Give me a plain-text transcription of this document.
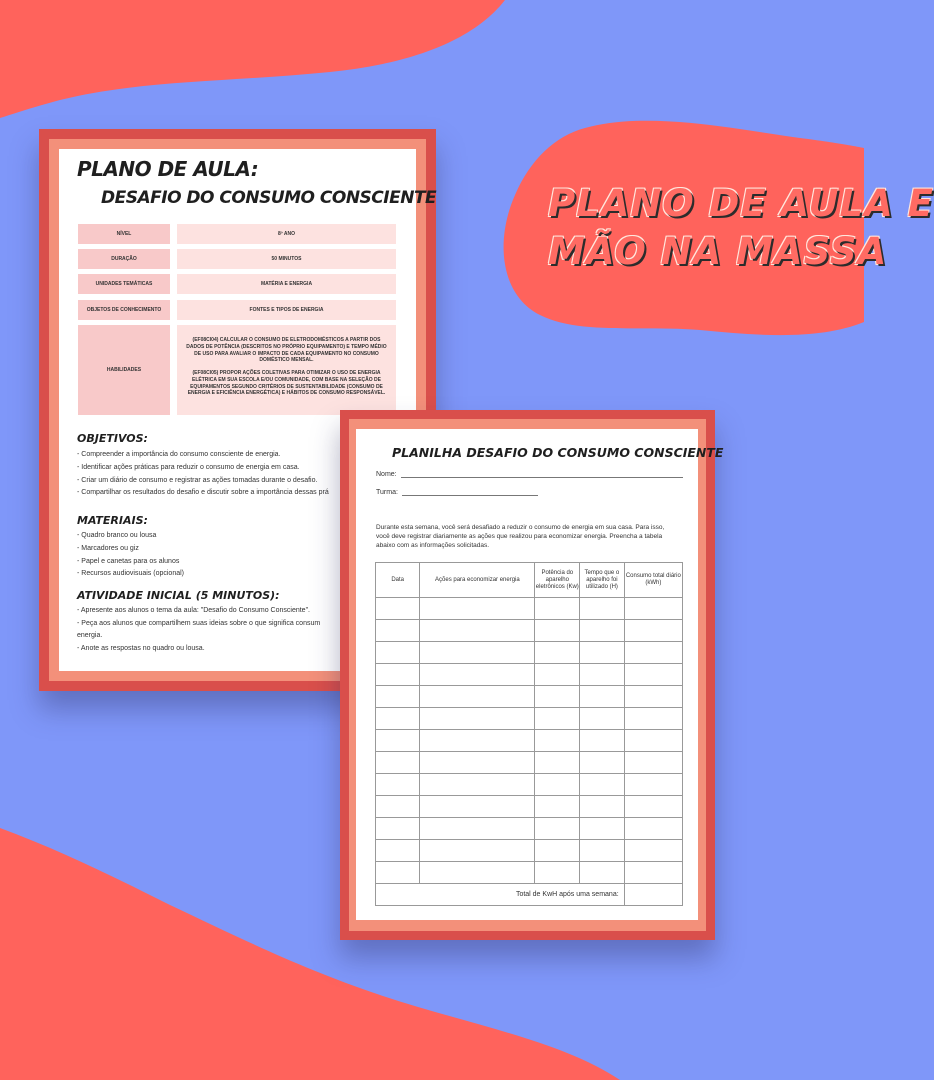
PLANO DE AULA E
MÃO NA MASSA
PLANO DE AULA:
DESAFIO DO CONSUMO CONSCIENTE
NÍVEL	8º ANO
DURAÇÃO	50 MINUTOS
UNIDADES TEMÁTICAS	MATÉRIA E ENERGIA
OBJETOS DE CONHECIMENTO	FONTES E TIPOS DE ENERGIA
HABILIDADES

(EF08CI04) CALCULAR O CONSUMO DE ELETRODOMÉSTICOS A PARTIR DOS DADOS DE POTÊNCIA (DESCRITOS NO PRÓPRIO EQUIPAMENTO) E TEMPO MÉDIO DE USO PARA AVALIAR O IMPACTO DE CADA EQUIPAMENTO NO CONSUMO DOMÉSTICO MENSAL.

(EF08CI05) PROPOR AÇÕES COLETIVAS PARA OTIMIZAR O USO DE ENERGIA ELÉTRICA EM SUA ESCOLA E/OU COMUNIDADE, COM BASE NA SELEÇÃO DE EQUIPAMENTOS SEGUNDO CRITÉRIOS DE SUSTENTABILIDADE (CONSUMO DE ENERGIA E EFICIÊNCIA ENERGÉTICA) E HÁBITOS DE CONSUMO RESPONSÁVEL.

OBJETIVOS:
- Compreender a importância do consumo consciente de energia.
- Identificar ações práticas para reduzir o consumo de energia em casa.
- Criar um diário de consumo e registrar as ações tomadas durante o desafio.
- Compartilhar os resultados do desafio e discutir sobre a importância dessas prá
MATERIAIS:
- Quadro branco ou lousa
- Marcadores ou giz
- Papel e canetas para os alunos
- Recursos audiovisuais (opcional)
ATIVIDADE INICIAL (5 MINUTOS):
- Apresente aos alunos o tema da aula: "Desafio do Consumo Consciente".
- Peça aos alunos que compartilhem suas ideias sobre o que significa consum energia.
- Anote as respostas no quadro ou lousa.
PLANILHA DESAFIO DO CONSUMO CONSCIENTE
Nome:
Turma:
Durante esta semana, você será desafiado a reduzir o consumo de energia em sua casa. Para isso, você deve registrar diariamente as ações que realizou para economizar energia. Preencha a tabela abaixo com as informações solicitadas.
Data	Ações para economizar energia	Potência do aparelho eletrônicos (Kw)	Tempo que o aparelho foi utilizado (H)	Consumo total diário (kWh)

Total de KwH após uma semana:				
